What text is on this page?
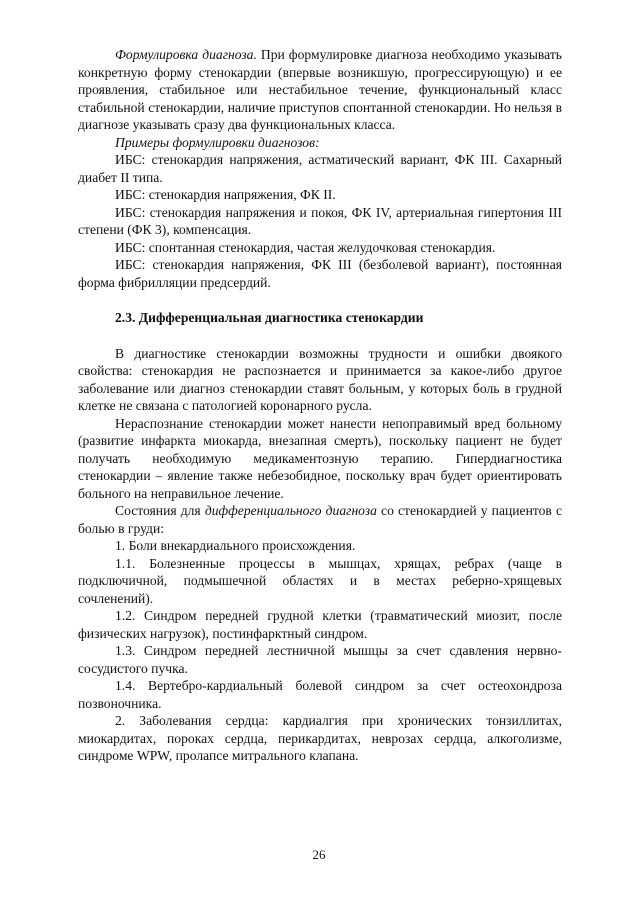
Формулировка диагноза. При формулировке диагноза необходимо указывать конкретную форму стенокардии (впервые возникшую, прогрессирующую) и ее проявления, стабильное или нестабильное течение, функциональный класс стабильной стенокардии, наличие приступов спонтанной стенокардии. Но нельзя в диагнозе указывать сразу два функциональных класса.

Примеры формулировки диагнозов:

ИБС: стенокардия напряжения, астматический вариант, ФК III. Сахарный диабет II типа.

ИБС: стенокардия напряжения, ФК II.

ИБС: стенокардия напряжения и покоя, ФК IV, артериальная гипертония III степени (ФК 3), компенсация.

ИБС: спонтанная стенокардия, частая желудочковая стенокардия.

ИБС: стенокардия напряжения, ФК III (безболевой вариант), постоянная форма фибрилляции предсердий.

2.3. Дифференциальная диагностика стенокардии

В диагностике стенокардии возможны трудности и ошибки двоякого свойства: стенокардия не распознается и принимается за какое-либо другое заболевание или диагноз стенокардии ставят больным, у которых боль в грудной клетке не связана с патологией коронарного русла.

Нераспознание стенокардии может нанести непоправимый вред больному (развитие инфаркта миокарда, внезапная смерть), поскольку пациент не будет получать необходимую медикаментозную терапию. Гипердиагностика стенокардии – явление также небезобидное, поскольку врач будет ориентировать больного на неправильное лечение.

Состояния для дифференциального диагноза со стенокардией у пациентов с болью в груди:

1. Боли внекардиального происхождения.

1.1. Болезненные процессы в мышцах, хрящах, ребрах (чаще в подключичной, подмышечной областях и в местах реберно-хрящевых сочленений).

1.2. Синдром передней грудной клетки (травматический миозит, после физических нагрузок), постинфарктный синдром.

1.3. Синдром передней лестничной мышцы за счет сдавления нервно-сосудистого пучка.

1.4. Вертебро-кардиальный болевой синдром за счет остеохондроза позвоночника.

2. Заболевания сердца: кардиалгия при хронических тонзиллитах, миокардитах, пороках сердца, перикардитах, неврозах сердца, алкоголизме, синдроме WPW, пролапсе митрального клапана.

26
